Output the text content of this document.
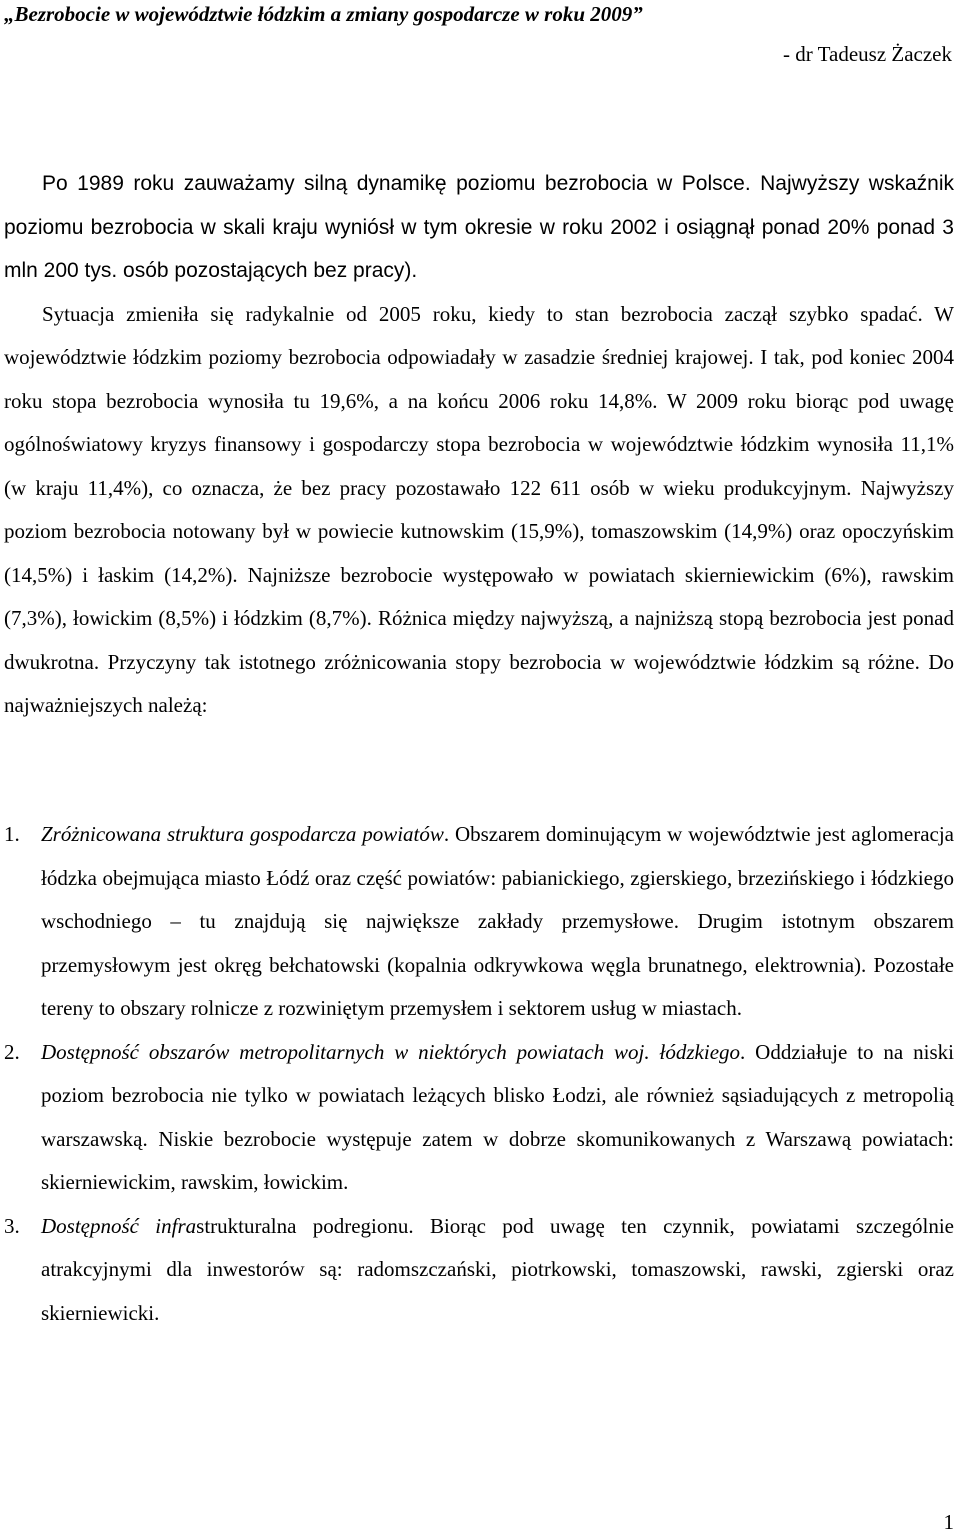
„Bezrobocie w województwie łódzkim a zmiany gospodarcze w roku 2009”
- dr Tadeusz Żaczek

Po 1989 roku zauważamy silną dynamikę poziomu bezrobocia w Polsce. Najwyższy wskaźnik poziomu bezrobocia w skali kraju wyniósł w tym okresie w roku 2002 i osiągnął ponad 20% ponad 3 mln 200 tys. osób pozostających bez pracy).

Sytuacja zmieniła się radykalnie od 2005 roku, kiedy to stan bezrobocia zaczął szybko spadać. W województwie łódzkim poziomy bezrobocia odpowiadały w zasadzie średniej krajowej. I tak, pod koniec 2004 roku stopa bezrobocia wynosiła tu 19,6%, a na końcu 2006 roku 14,8%. W 2009 roku biorąc pod uwagę ogólnoświatowy kryzys finansowy i gospodarczy stopa bezrobocia w województwie łódzkim wynosiła 11,1% (w kraju 11,4%), co oznacza, że bez pracy pozostawało 122 611 osób w wieku produkcyjnym. Najwyższy poziom bezrobocia notowany był w powiecie kutnowskim (15,9%), tomaszowskim (14,9%) oraz opoczyńskim (14,5%) i łaskim (14,2%). Najniższe bezrobocie występowało w powiatach skierniewickim (6%), rawskim (7,3%), łowickim (8,5%) i łódzkim (8,7%). Różnica między najwyższą, a najniższą stopą bezrobocia jest ponad dwukrotna. Przyczyny tak istotnego zróżnicowania stopy bezrobocia w województwie łódzkim są różne. Do najważniejszych należą:

1. Zróżnicowana struktura gospodarcza powiatów. Obszarem dominującym w województwie jest aglomeracja łódzka obejmująca miasto Łódź oraz część powiatów: pabianickiego, zgierskiego, brzezińskiego i łódzkiego wschodniego – tu znajdują się największe zakłady przemysłowe. Drugim istotnym obszarem przemysłowym jest okręg bełchatowski (kopalnia odkrywkowa węgla brunatnego, elektrownia). Pozostałe tereny to obszary rolnicze z rozwiniętym przemysłem i sektorem usług w miastach.
2. Dostępność obszarów metropolitarnych w niektórych powiatach woj. łódzkiego. Oddziałuje to na niski poziom bezrobocia nie tylko w powiatach leżących blisko Łodzi, ale również sąsiadujących z metropolią warszawską. Niskie bezrobocie występuje zatem w dobrze skomunikowanych z Warszawą powiatach: skierniewickim, rawskim, łowickim.
3. Dostępność infrastrukturalna podregionu. Biorąc pod uwagę ten czynnik, powiatami szczególnie atrakcyjnymi dla inwestorów są: radomszczański, piotrkowski, tomaszowski, rawski, zgierski oraz skierniewicki.
1
